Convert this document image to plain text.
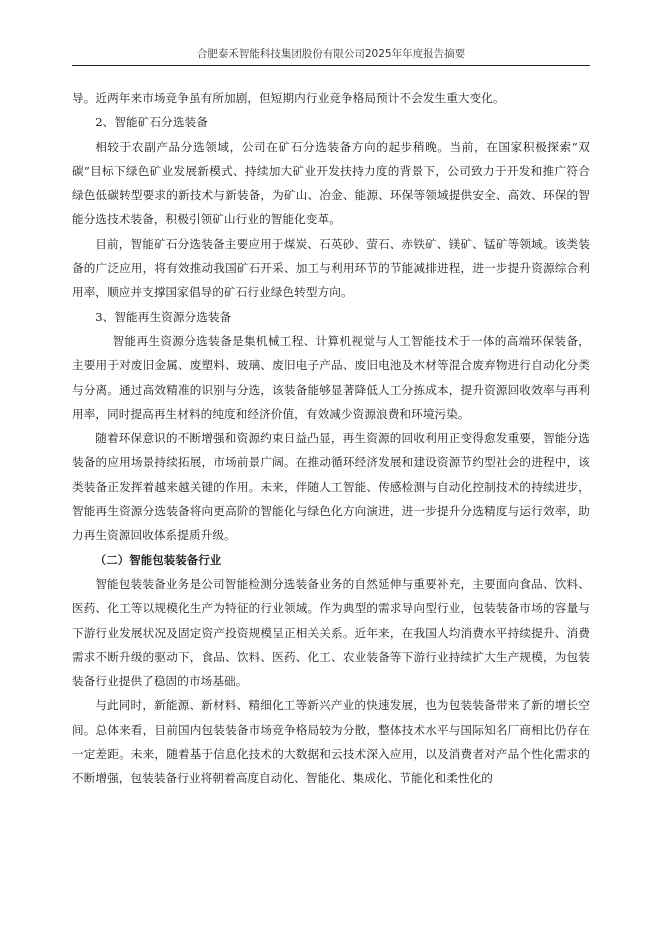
合肥泰禾智能科技集团股份有限公司2025年年度报告摘要

导。近两年来市场竞争虽有所加剧，但短期内行业竞争格局预计不会发生重大变化。

2、智能矿石分选装备

相较于农副产品分选领域，公司在矿石分选装备方向的起步稍晚。当前，在国家积极探索“双碳”目标下绿色矿业发展新模式、持续加大矿业开发扶持力度的背景下，公司致力于开发和推广符合绿色低碳转型要求的新技术与新装备，为矿山、冶金、能源、环保等领域提供安全、高效、环保的智能分选技术装备，积极引领矿山行业的智能化变革。

目前，智能矿石分选装备主要应用于煤炭、石英砂、萤石、赤铁矿、镁矿、锰矿等领域。该类装备的广泛应用，将有效推动我国矿石开采、加工与利用环节的节能减排进程，进一步提升资源综合利用率，顺应并支撑国家倡导的矿石行业绿色转型方向。

3、智能再生资源分选装备

智能再生资源分选装备是集机械工程、计算机视觉与人工智能技术于一体的高端环保装备，主要用于对废旧金属、废塑料、玻璃、废旧电子产品、废旧电池及木材等混合废弃物进行自动化分类与分离。通过高效精准的识别与分选，该装备能够显著降低人工分拣成本，提升资源回收效率与再利用率，同时提高再生材料的纯度和经济价值，有效减少资源浪费和环境污染。

随着环保意识的不断增强和资源约束日益凸显，再生资源的回收利用正变得愈发重要，智能分选装备的应用场景持续拓展，市场前景广阔。在推动循环经济发展和建设资源节约型社会的进程中，该类装备正发挥着越来越关键的作用。未来，伴随人工智能、传感检测与自动化控制技术的持续进步，智能再生资源分选装备将向更高阶的智能化与绿色化方向演进，进一步提升分选精度与运行效率，助力再生资源回收体系提质升级。

（二）智能包装装备行业

智能包装装备业务是公司智能检测分选装备业务的自然延伸与重要补充，主要面向食品、饮料、医药、化工等以规模化生产为特征的行业领域。作为典型的需求导向型行业，包装装备市场的容量与下游行业发展状况及固定资产投资规模呈正相关关系。近年来，在我国人均消费水平持续提升、消费需求不断升级的驱动下，食品、饮料、医药、化工、农业装备等下游行业持续扩大生产规模，为包装装备行业提供了稳固的市场基础。

与此同时，新能源、新材料、精细化工等新兴产业的快速发展，也为包装装备带来了新的增长空间。总体来看，目前国内包装装备市场竞争格局较为分散，整体技术水平与国际知名厂商相比仍存在一定差距。未来，随着基于信息化技术的大数据和云技术深入应用，以及消费者对产品个性化需求的不断增强，包装装备行业将朝着高度自动化、智能化、集成化、节能化和柔性化的
